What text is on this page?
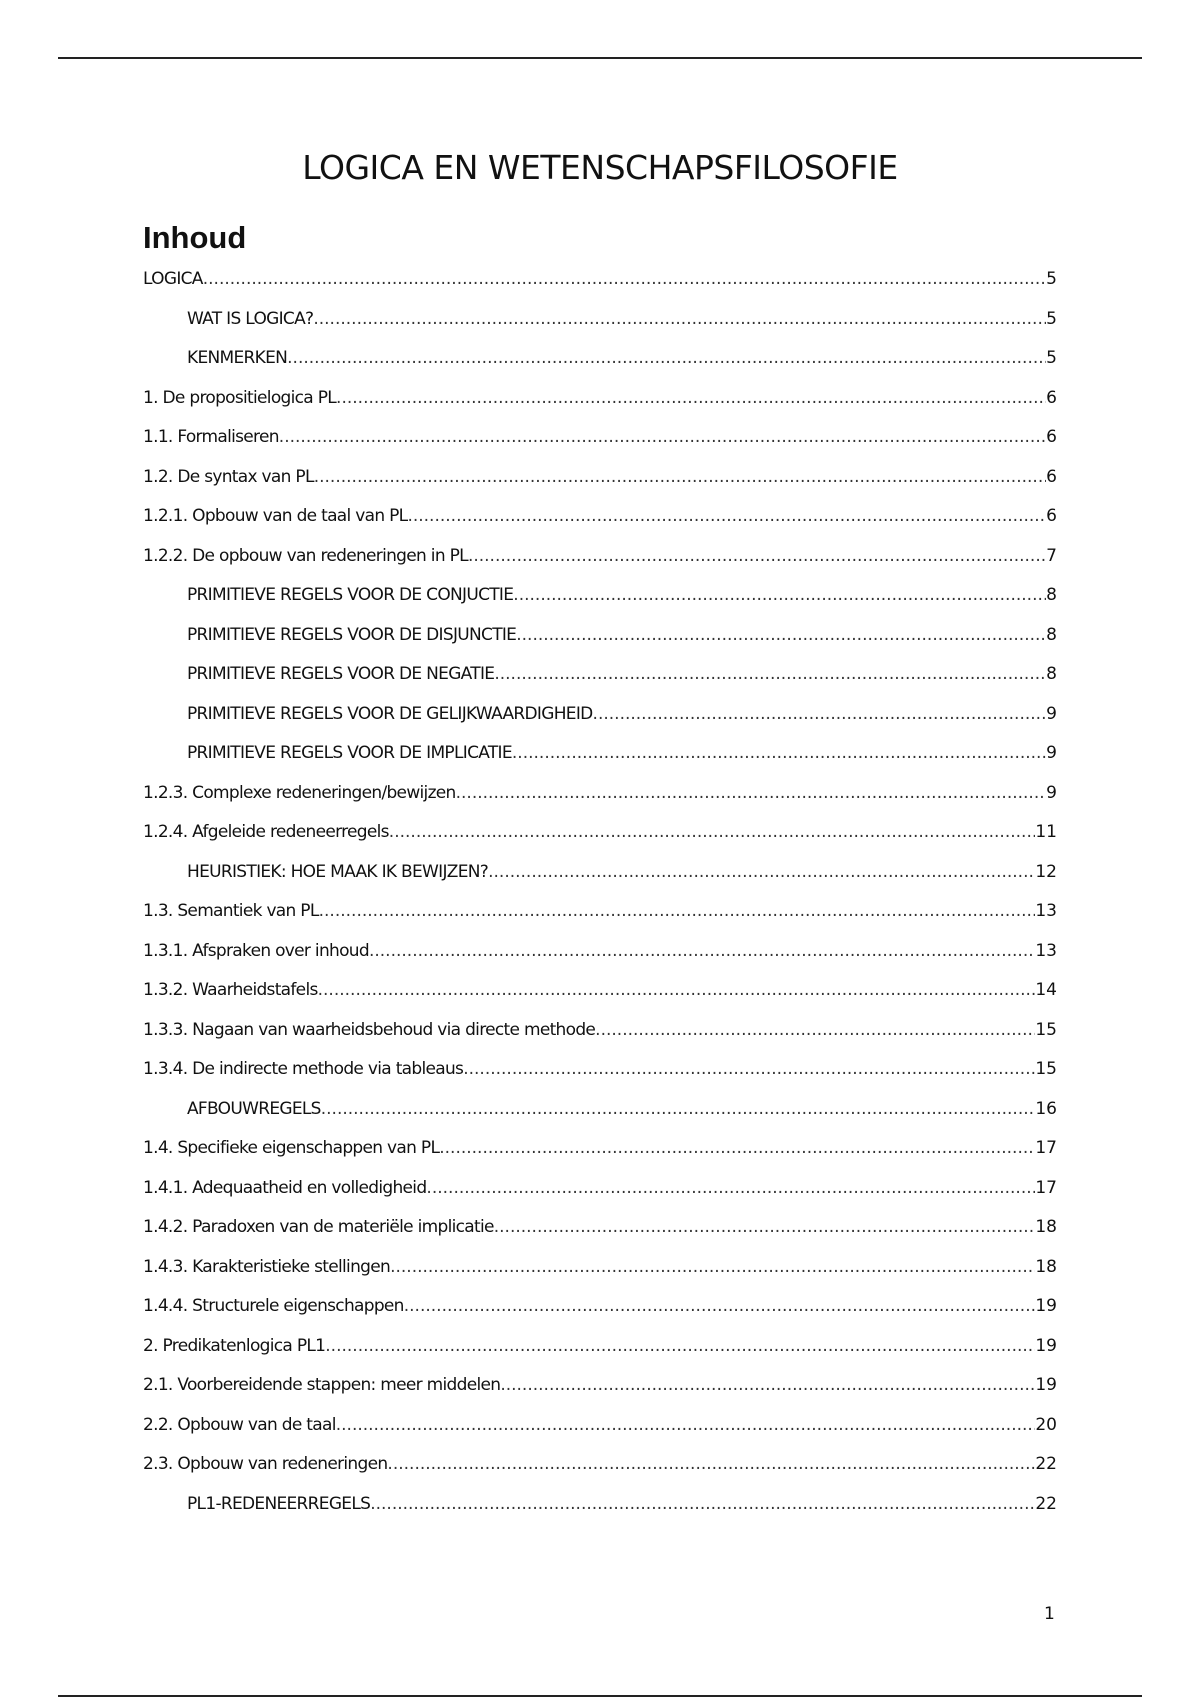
LOGICA EN WETENSCHAPSFILOSOFIE
Inhoud
LOGICA .....	5
WAT IS LOGICA? .....	5
KENMERKEN .....	5
1. De propositielogica PL .....	6
1.1. Formaliseren .....	6
1.2. De syntax van PL .....	6
1.2.1. Opbouw van de taal van PL .....	6
1.2.2. De opbouw van redeneringen in PL .....	7
PRIMITIEVE REGELS VOOR DE CONJUCTIE .....	8
PRIMITIEVE REGELS VOOR DE DISJUNCTIE .....	8
PRIMITIEVE REGELS VOOR DE NEGATIE .....	8
PRIMITIEVE REGELS VOOR DE GELIJKWAARDIGHEID .....	9
PRIMITIEVE REGELS VOOR DE IMPLICATIE .....	9
1.2.3. Complexe redeneringen/bewijzen .....	9
1.2.4. Afgeleide redeneerregels .....	11
HEURISTIEK: HOE MAAK IK BEWIJZEN? .....	12
1.3. Semantiek van PL .....	13
1.3.1. Afspraken over inhoud .....	13
1.3.2. Waarheidstafels .....	14
1.3.3. Nagaan van waarheidsbehoud via directe methode .....	15
1.3.4. De indirecte methode via tableaus .....	15
AFBOUWREGELS .....	16
1.4. Specifieke eigenschappen van PL .....	17
1.4.1. Adequaatheid en volledigheid .....	17
1.4.2. Paradoxen van de materiële implicatie .....	18
1.4.3. Karakteristieke stellingen .....	18
1.4.4. Structurele eigenschappen .....	19
2. Predikatenlogica PL1 .....	19
2.1. Voorbereidende stappen: meer middelen .....	19
2.2. Opbouw van de taal .....	20
2.3. Opbouw van redeneringen .....	22
PL1-REDENEERREGELS .....	22
1
